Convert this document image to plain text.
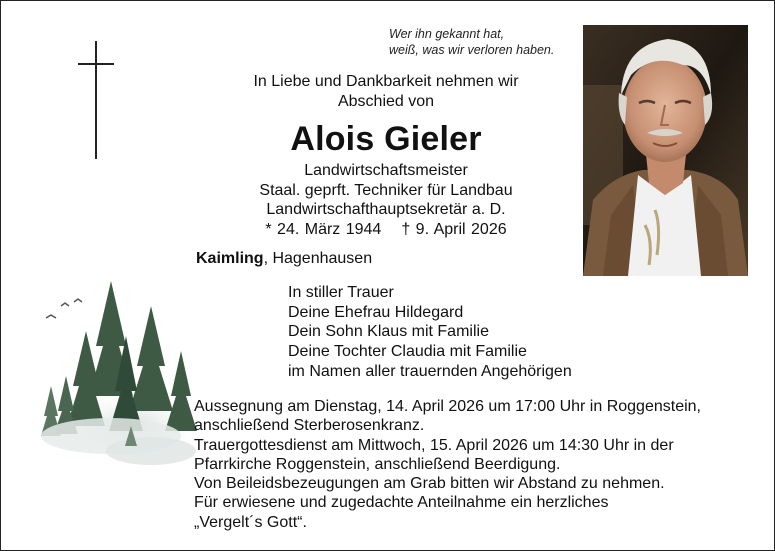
Wer ihn gekannt hat,
weiß, was wir verloren haben.
In Liebe und Dankbarkeit nehmen wir
Abschied von
Alois Gieler
Landwirtschaftsmeister
Staal. geprft. Techniker für Landbau
Landwirtschafthauptsekretär a. D.
* 24. März 1944 † 9. April 2026
Kaimling, Hagenhausen
In stiller Trauer
Deine Ehefrau Hildegard
Dein Sohn Klaus mit Familie
Deine Tochter Claudia mit Familie
im Namen aller trauernden Angehörigen
Aussegnung am Dienstag, 14. April 2026 um 17:00 Uhr in Roggenstein,
anschließend Sterberosenkranz.
Trauergottesdienst am Mittwoch, 15. April 2026 um 14:30 Uhr in der
Pfarrkirche Roggenstein, anschließend Beerdigung.
Von Beileidsbezeugungen am Grab bitten wir Abstand zu nehmen.
Für erwiesene und zugedachte Anteilnahme ein herzliches
„Vergelt´s Gott“.
